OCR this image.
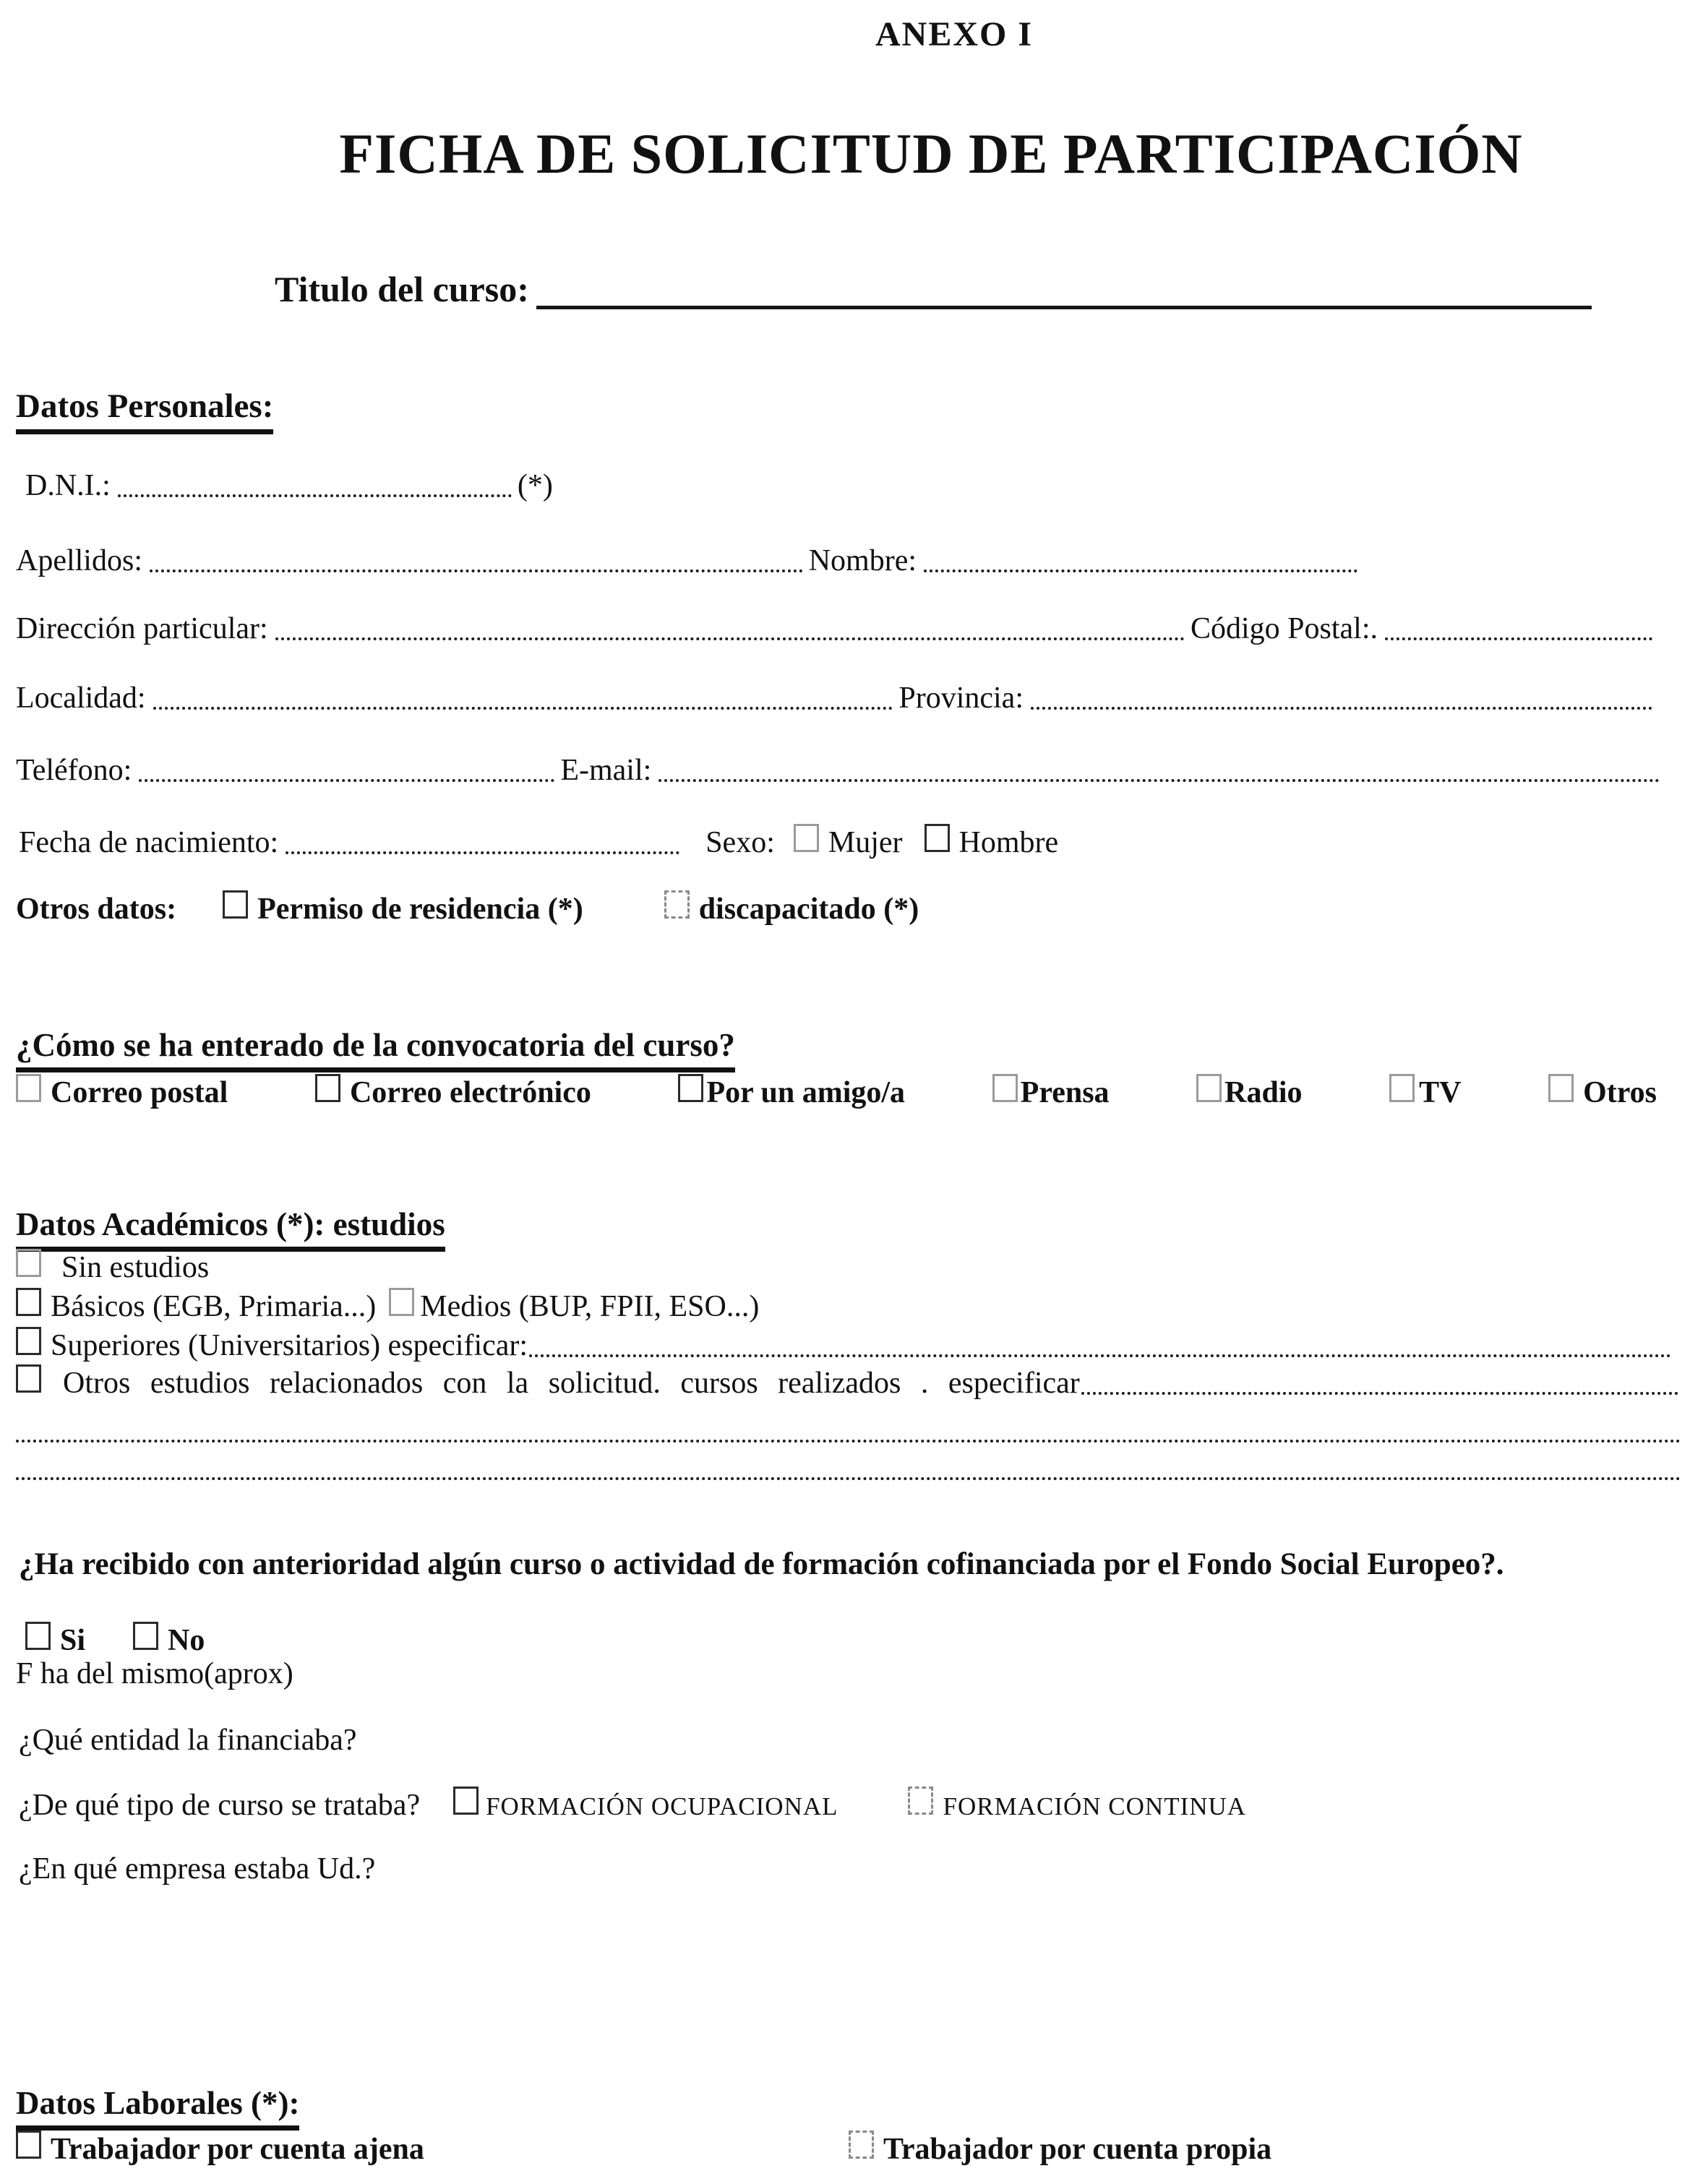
ANEXO I
FICHA DE SOLICITUD DE PARTICIPACIÓN
Titulo del curso:
Datos Personales:
D.N.I.:	(*)
Apellidos:	Nombre:
Dirección particular:	Código Postal:.
Localidad:	Provincia:
Teléfono:	E-mail:
Fecha de nacimiento:	Sexo: Mujer Hombre
Otros datos:	Permiso de residencia (*)	discapacitado (*)
¿Cómo se ha enterado de la convocatoria del curso?
Correo postal	Correo electrónico	Por un amigo/a	Prensa	Radio	TV	Otros
Datos Académicos (*): estudios
Sin estudios
Básicos (EGB, Primaria...) Medios (BUP, FPII, ESO...)
Superiores (Universitarios) especificar:
Otros estudios relacionados con la solicitud. cursos realizados . especificar
¿Ha recibido con anterioridad algún curso o actividad de formación cofinanciada por el Fondo Social Europeo?.
Si	No
F ha del mismo(aprox)
¿Qué entidad la financiaba?
¿De qué tipo de curso se trataba?	FORMACIÓN OCUPACIONAL	FORMACIÓN CONTINUA
¿En qué empresa estaba Ud.?
Datos Laborales (*):
Trabajador por cuenta ajena	Trabajador por cuenta propia
